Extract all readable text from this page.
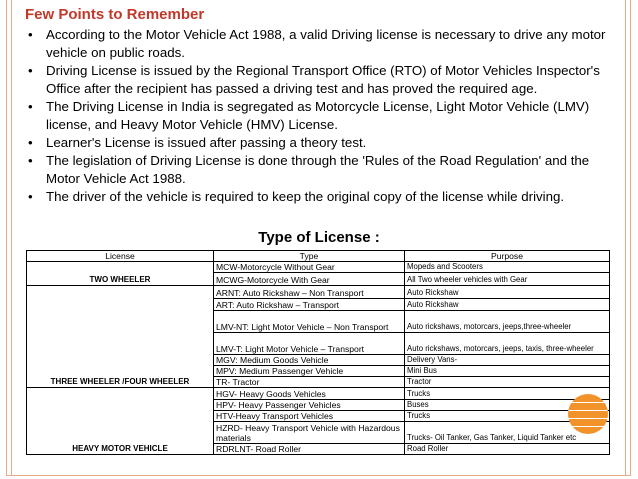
Few Points to Remember
• According to the Motor Vehicle Act 1988, a valid Driving license is necessary to drive any motor vehicle on public roads.
• Driving License is issued by the Regional Transport Office (RTO) of Motor Vehicles Inspector's Office after the recipient has passed a driving test and has proved the required age.
• The Driving License in India is segregated as Motorcycle License, Light Motor Vehicle (LMV) license, and Heavy Motor Vehicle (HMV) License.
• Learner's License is issued after passing a theory test.
• The legislation of Driving License is done through the 'Rules of the Road Regulation' and the Motor Vehicle Act 1988.
• The driver of the vehicle is required to keep the original copy of the license while driving.
Type of License :
License	Type	Purpose
TWO WHEELER	MCW-Motorcycle Without Gear	Mopeds and Scooters
	MCWG-Motorcycle With Gear	All Two wheeler vehicles with Gear
THREE WHEELER /FOUR WHEELER	ARNT: Auto Rickshaw – Non Transport	Auto Rickshaw
	ART: Auto Rickshaw – Transport	Auto Rickshaw
	LMV-NT: Light Motor Vehicle – Non Transport	Auto rickshaws, motorcars, jeeps,three-wheeler
	LMV-T: Light Motor Vehicle – Transport	Auto rickshaws, motorcars, jeeps, taxis, three-wheeler
	MGV: Medium Goods Vehicle	Delivery Vans-
	MPV: Medium Passenger Vehicle	Mini Bus
	TR- Tractor	Tractor
HEAVY MOTOR VEHICLE	HGV- Heavy Goods Vehicles	Trucks
	HPV- Heavy Passenger Vehicles	Buses
	HTV-Heavy Transport Vehicles	Trucks
	HZRD- Heavy Transport Vehicle with Hazardous materials	Trucks- Oil Tanker, Gas Tanker, Liquid Tanker etc
	RDRLNT- Road Roller	Road Roller
